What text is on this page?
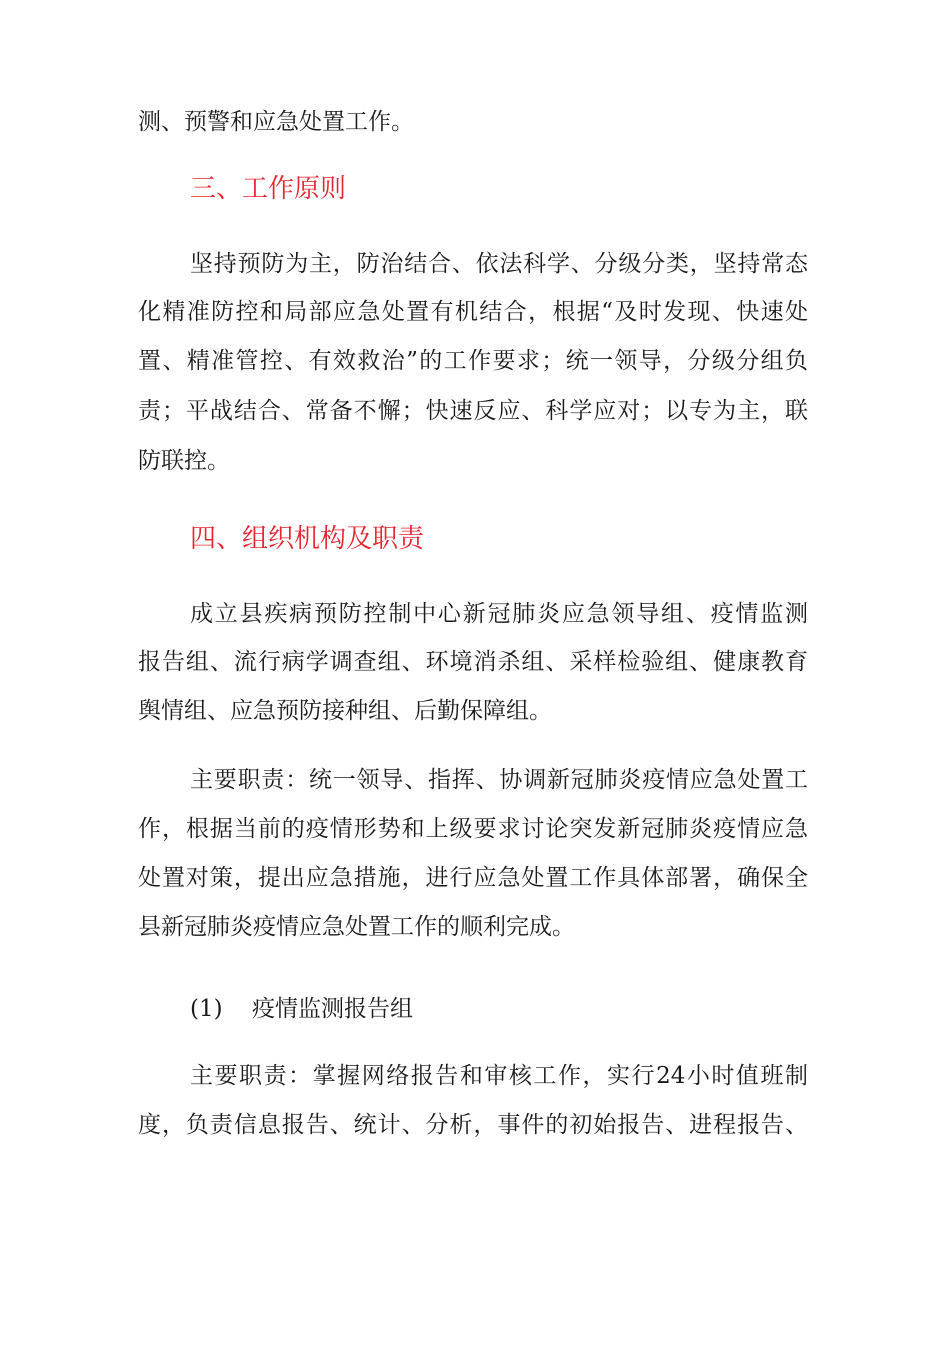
测、预警和应急处置工作。
三、工作原则
坚持预防为主，防治结合、依法科学、分级分类，坚持常态
化精准防控和局部应急处置有机结合，根据“及时发现、快速处
置、精准管控、有效救治”的工作要求；统一领导，分级分组负
责；平战结合、常备不懈；快速反应、科学应对；以专为主，联
防联控。
四、组织机构及职责
成立县疾病预防控制中心新冠肺炎应急领导组、疫情监测
报告组、流行病学调查组、环境消杀组、采样检验组、健康教育
舆情组、应急预防接种组、后勤保障组。
主要职责：统一领导、指挥、协调新冠肺炎疫情应急处置工
作，根据当前的疫情形势和上级要求讨论突发新冠肺炎疫情应急
处置对策，提出应急措施，进行应急处置工作具体部署，确保全
县新冠肺炎疫情应急处置工作的顺利完成。
(1) 疫情监测报告组
主要职责：掌握网络报告和审核工作，实行24小时值班制
度，负责信息报告、统计、分析，事件的初始报告、进程报告、
